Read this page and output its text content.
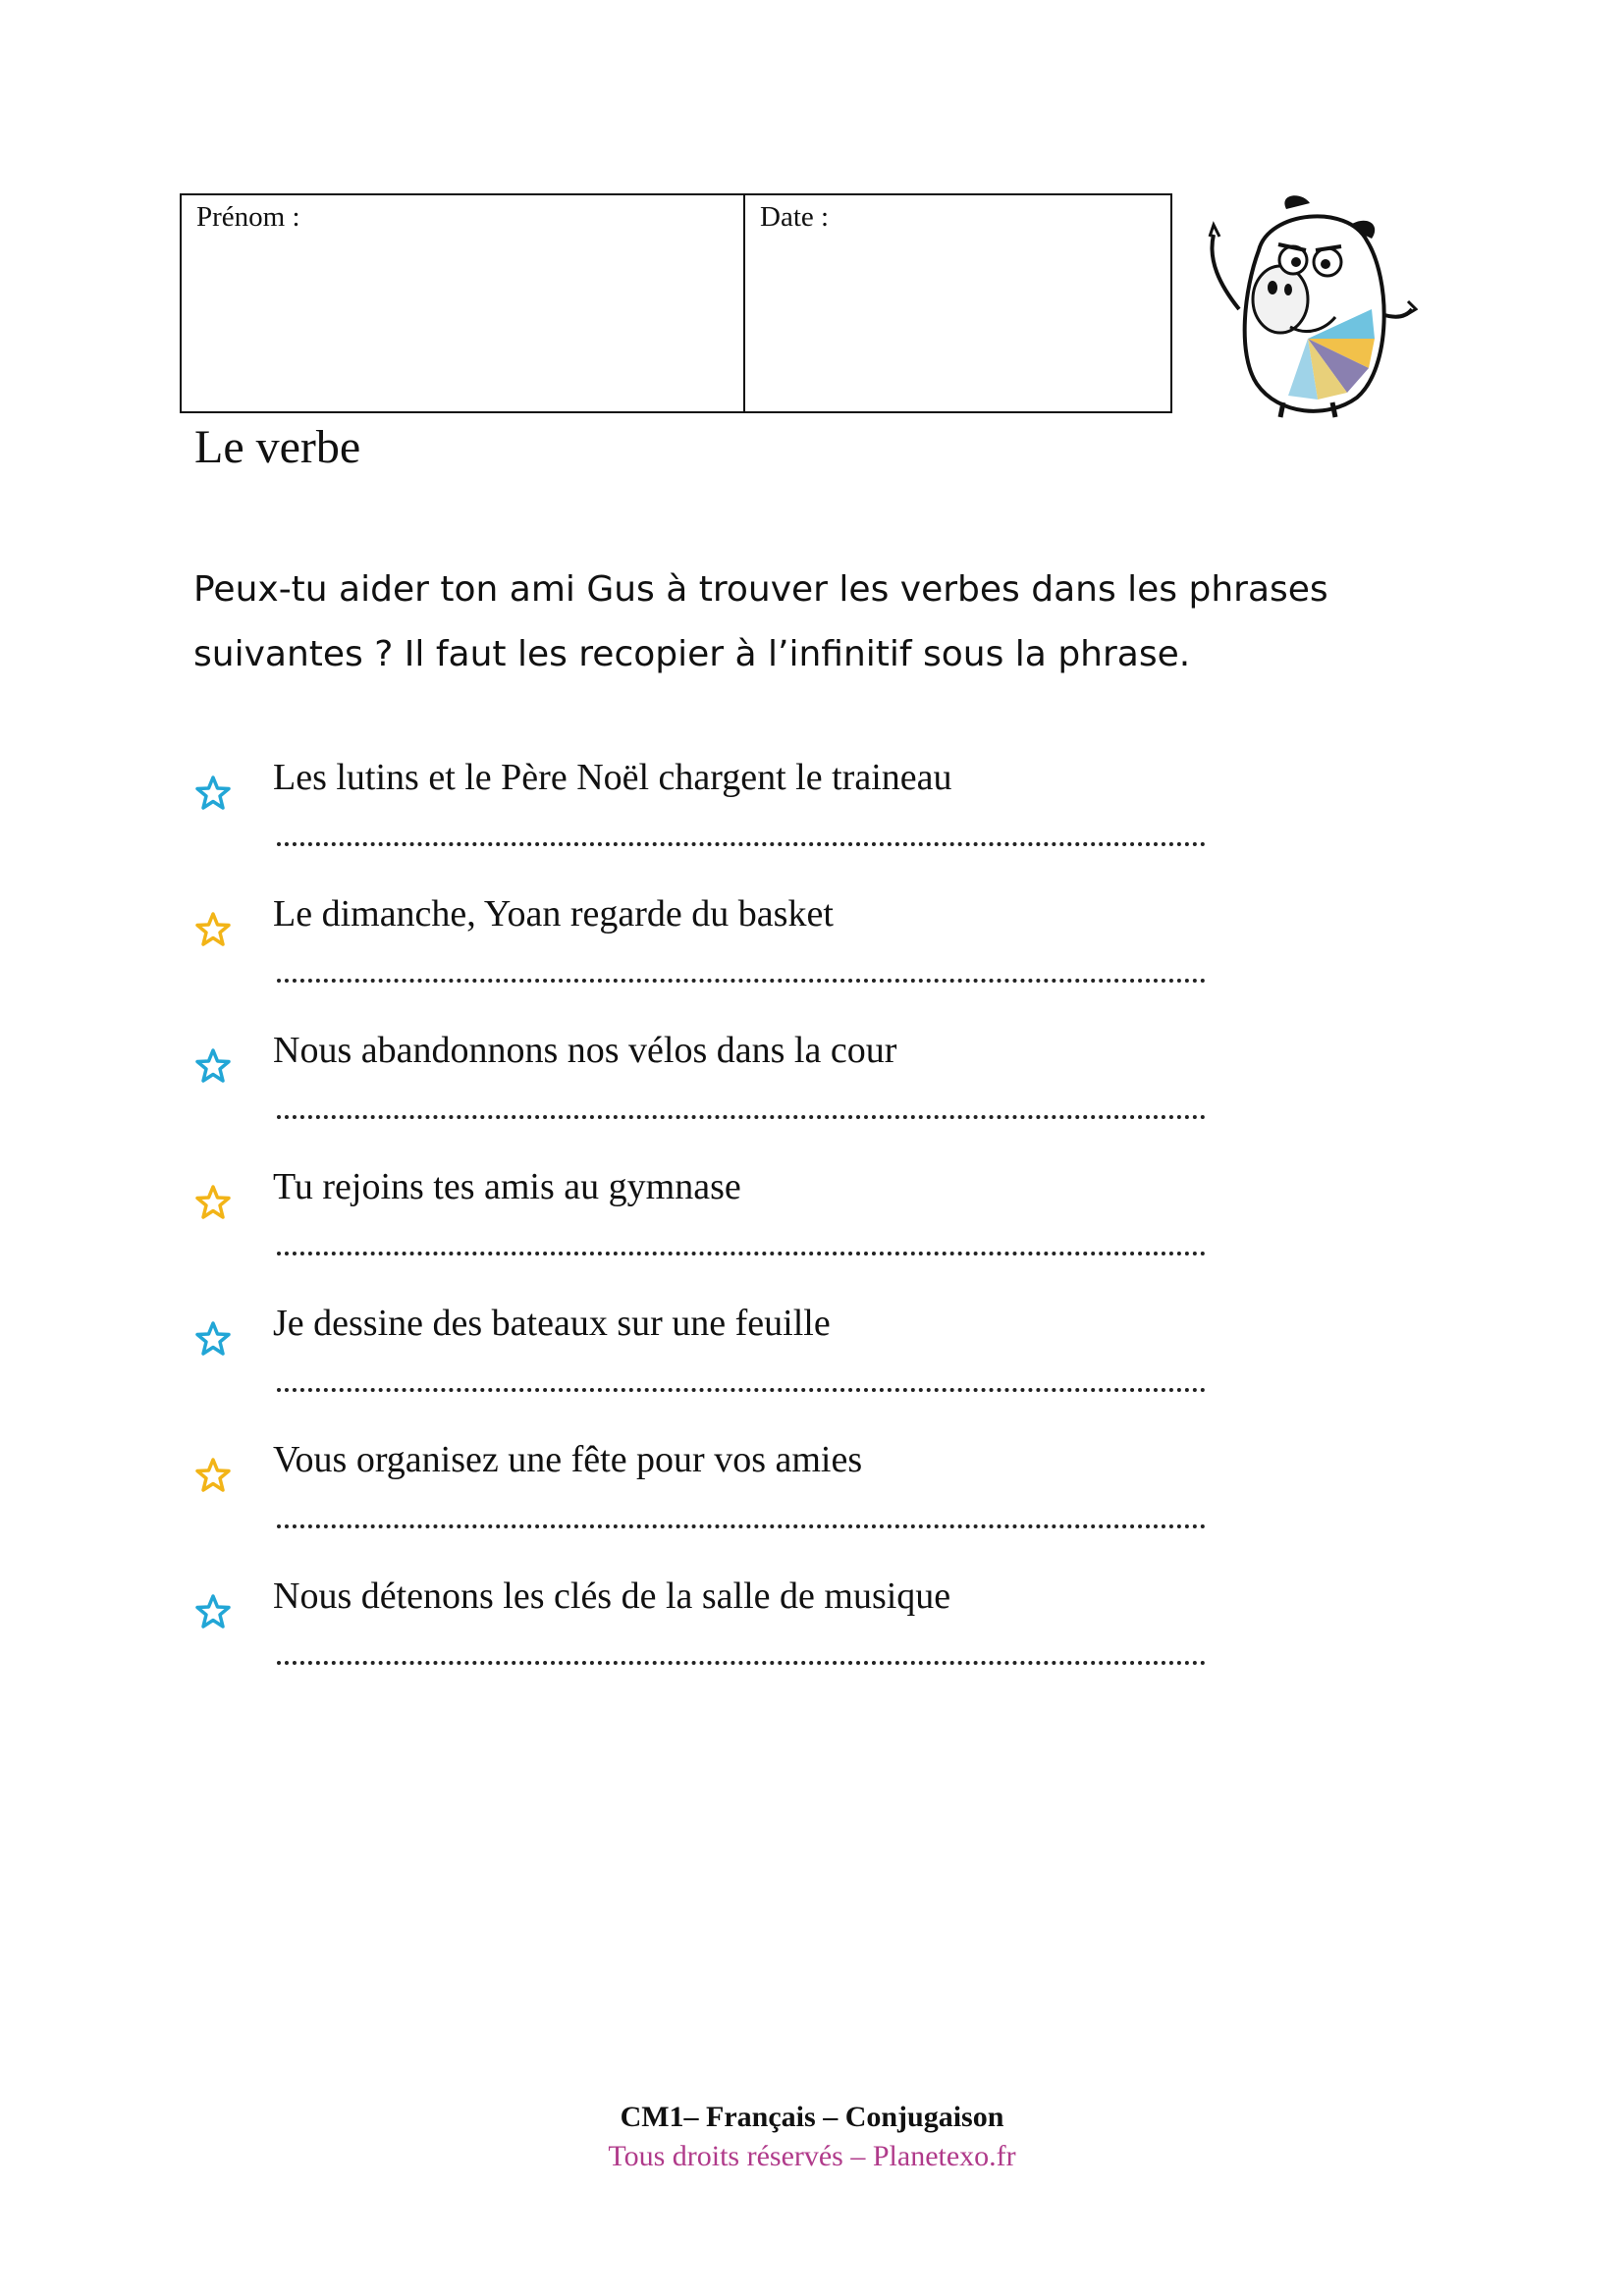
Prénom :	Date :
Le verbe

Peux-tu aider ton ami Gus à trouver les verbes dans les phrases
suivantes ? Il faut les recopier à l’infinitif sous la phrase.

Les lutins et le Père Noël chargent le traineau
Le dimanche, Yoan regarde du basket
Nous abandonnons nos vélos dans la cour
Tu rejoins tes amis au gymnase
Je dessine des bateaux sur une feuille
Vous organisez une fête pour vos amies
Nous détenons les clés de la salle de musique
CM1– Français – Conjugaison
Tous droits réservés – Planetexo.fr
